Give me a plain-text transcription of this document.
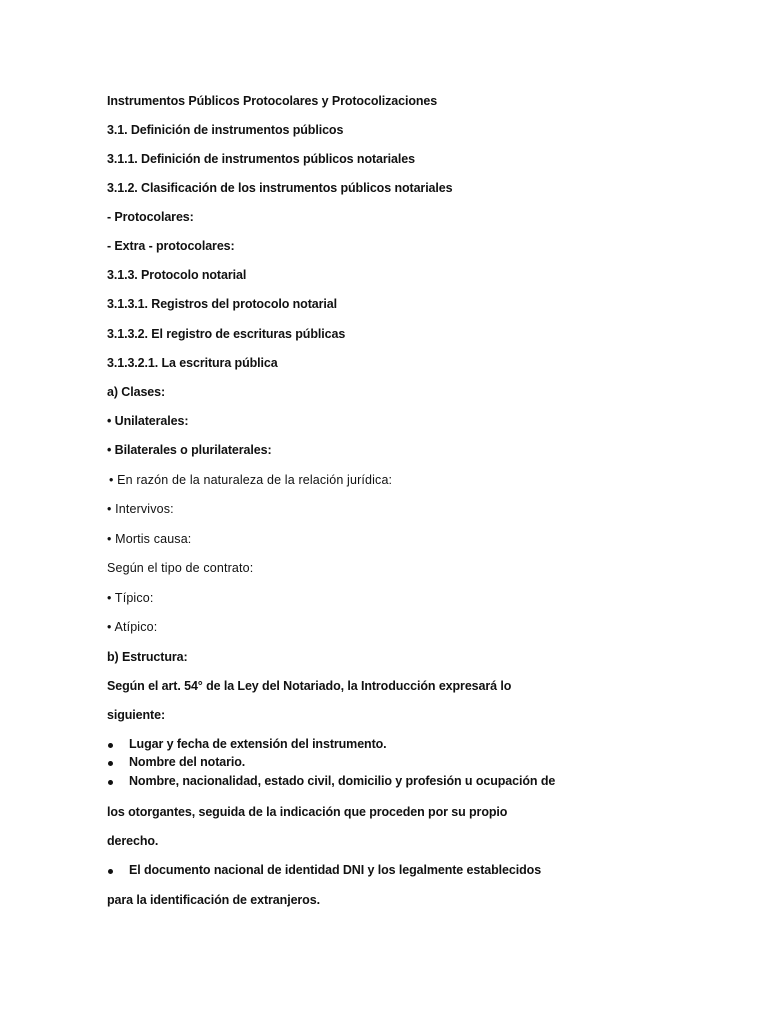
Instrumentos Públicos Protocolares y Protocolizaciones
3.1. Definición de instrumentos públicos
3.1.1. Definición de instrumentos públicos notariales
3.1.2. Clasificación de los instrumentos públicos notariales
- Protocolares:
- Extra - protocolares:
3.1.3. Protocolo notarial
3.1.3.1. Registros del protocolo notarial
3.1.3.2. El registro de escrituras públicas
3.1.3.2.1. La escritura pública
a) Clases:
• Unilaterales:
• Bilaterales o plurilaterales:
• En razón de la naturaleza de la relación jurídica:
• Intervivos:
• Mortis causa:
Según el tipo de contrato:
• Típico:
• Atípico:
b) Estructura:
Según el art. 54° de la Ley del Notariado, la Introducción expresará lo
siguiente:
Lugar y fecha de extensión del instrumento.
Nombre del notario.
Nombre, nacionalidad, estado civil, domicilio y profesión u ocupación de
los otorgantes, seguida de la indicación que proceden por su propio
derecho.
El documento nacional de identidad DNI y los legalmente establecidos
para la identificación de extranjeros.
